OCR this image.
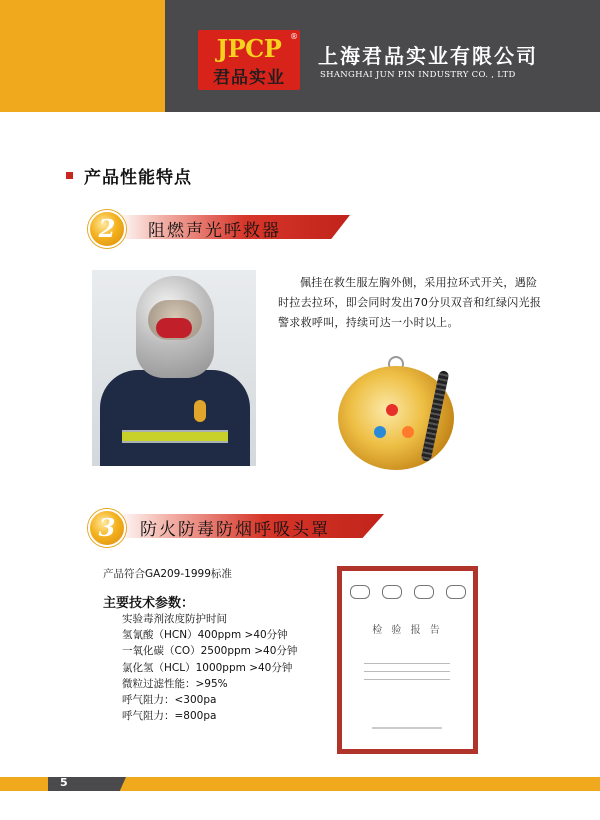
JPCP	®
君品实业
上海君品实业有限公司
SHANGHAI JUN PIN INDUSTRY CO. , LTD
产品性能特点
2	阻燃声光呼救器
佩挂在救生服左胸外侧，采用拉环式开关，遇险时拉去拉环，即会同时发出70分贝双音和红绿闪光报警求救呼叫，持续可达一小时以上。
3	防火防毒防烟呼吸头罩
产品符合GA209-1999标准
主要技术参数：
实验毒剂浓度防护时间
氢氰酸（HCN）400ppm >40分钟
一氧化碳（CO）2500ppm >40分钟
氯化氢（HCL）1000ppm >40分钟
微粒过滤性能：>95%
呼气阻力：<300pa
呼气阻力：=800pa
检 验 报 告
5
